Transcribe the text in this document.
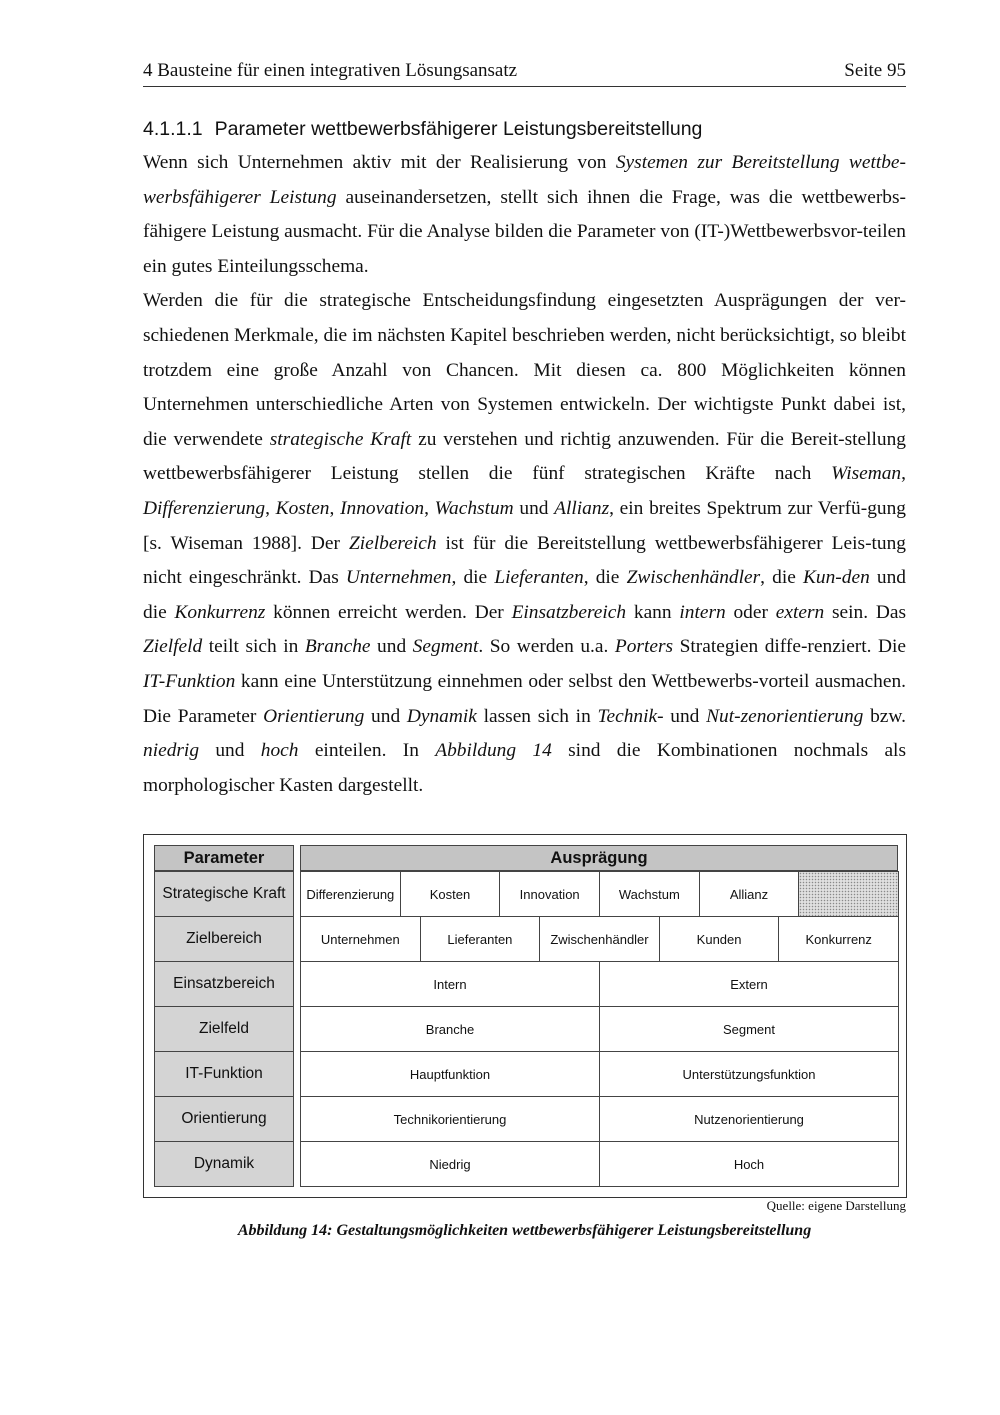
4 Bausteine für einen integrativen Lösungsansatz	Seite 95
4.1.1.1 Parameter wettbewerbsfähigerer Leistungsbereitstellung

Wenn sich Unternehmen aktiv mit der Realisierung von Systemen zur Bereitstellung wettbe-werbsfähigerer Leistung auseinandersetzen, stellt sich ihnen die Frage, was die wettbewerbs-fähigere Leistung ausmacht. Für die Analyse bilden die Parameter von (IT-)Wettbewerbsvor-teilen ein gutes Einteilungsschema.

Werden die für die strategische Entscheidungsfindung eingesetzten Ausprägungen der ver-schiedenen Merkmale, die im nächsten Kapitel beschrieben werden, nicht berücksichtigt, so bleibt trotzdem eine große Anzahl von Chancen. Mit diesen ca. 800 Möglichkeiten können Unternehmen unterschiedliche Arten von Systemen entwickeln. Der wichtigste Punkt dabei ist, die verwendete strategische Kraft zu verstehen und richtig anzuwenden. Für die Bereit-stellung wettbewerbsfähigerer Leistung stellen die fünf strategischen Kräfte nach Wiseman, Differenzierung, Kosten, Innovation, Wachstum und Allianz, ein breites Spektrum zur Verfü-gung [s. Wiseman 1988]. Der Zielbereich ist für die Bereitstellung wettbewerbsfähigerer Leis-tung nicht eingeschränkt. Das Unternehmen, die Lieferanten, die Zwischenhändler, die Kun-den und die Konkurrenz können erreicht werden. Der Einsatzbereich kann intern oder extern sein. Das Zielfeld teilt sich in Branche und Segment. So werden u.a. Porters Strategien diffe-renziert. Die IT-Funktion kann eine Unterstützung einnehmen oder selbst den Wettbewerbs-vorteil ausmachen. Die Parameter Orientierung und Dynamik lassen sich in Technik- und Nut-zenorientierung bzw. niedrig und hoch einteilen. In Abbildung 14 sind die Kombinationen nochmals als morphologischer Kasten dargestellt.

Parameter	Ausprägung
Strategische Kraft	Differenzierung	Kosten	Innovation	Wachstum	Allianz
Zielbereich	Unternehmen	Lieferanten	Zwischenhändler	Kunden	Konkurrenz
Einsatzbereich	Intern	Extern
Zielfeld	Branche	Segment
IT-Funktion	Hauptfunktion	Unterstützungsfunktion
Orientierung	Technikorientierung	Nutzenorientierung
Dynamik	Niedrig	Hoch
Quelle: eigene Darstellung
Abbildung 14: Gestaltungsmöglichkeiten wettbewerbsfähigerer Leistungsbereitstellung
